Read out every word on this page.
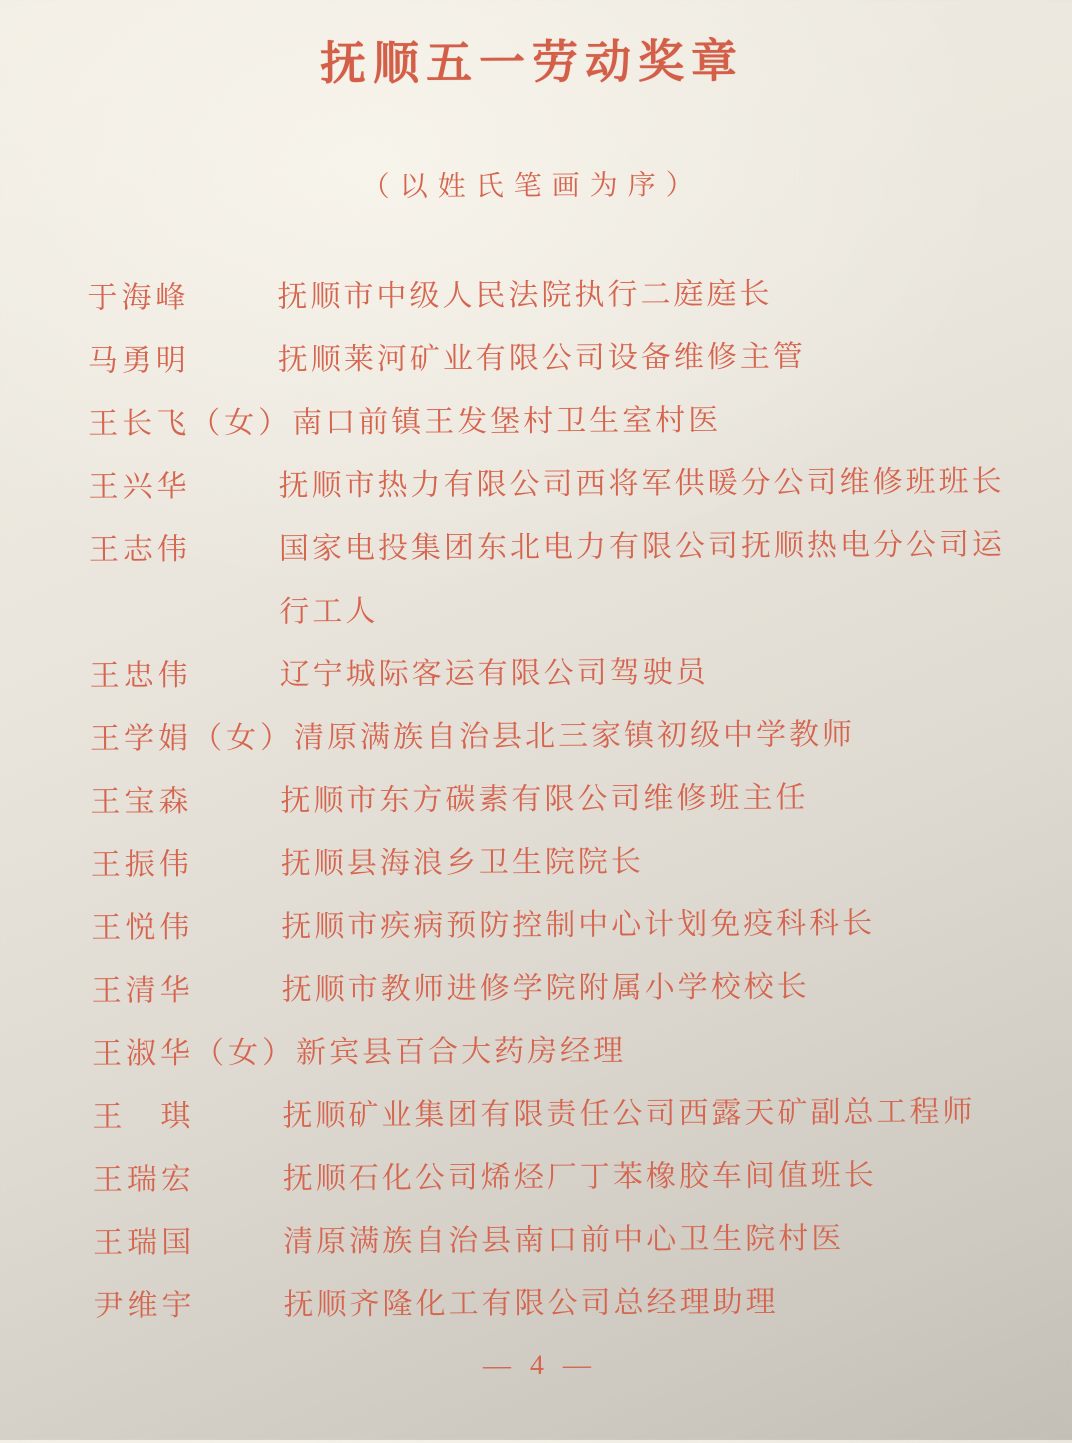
抚顺五一劳动奖章
（以姓氏笔画为序）
于海峰	抚顺市中级人民法院执行二庭庭长
马勇明	抚顺莱河矿业有限公司设备维修主管
王长飞（女） 南口前镇王发堡村卫生室村医
王兴华	抚顺市热力有限公司西将军供暖分公司维修班班长
王志伟	国家电投集团东北电力有限公司抚顺热电分公司运
行工人
王忠伟	辽宁城际客运有限公司驾驶员
王学娟（女） 清原满族自治县北三家镇初级中学教师
王宝森	抚顺市东方碳素有限公司维修班主任
王振伟	抚顺县海浪乡卫生院院长
王悦伟	抚顺市疾病预防控制中心计划免疫科科长
王清华	抚顺市教师进修学院附属小学校校长
王淑华（女） 新宾县百合大药房经理
王　琪	抚顺矿业集团有限责任公司西露天矿副总工程师
王瑞宏	抚顺石化公司烯烃厂丁苯橡胶车间值班长
王瑞国	清原满族自治县南口前中心卫生院村医
尹维宇	抚顺齐隆化工有限公司总经理助理
— 4 —
